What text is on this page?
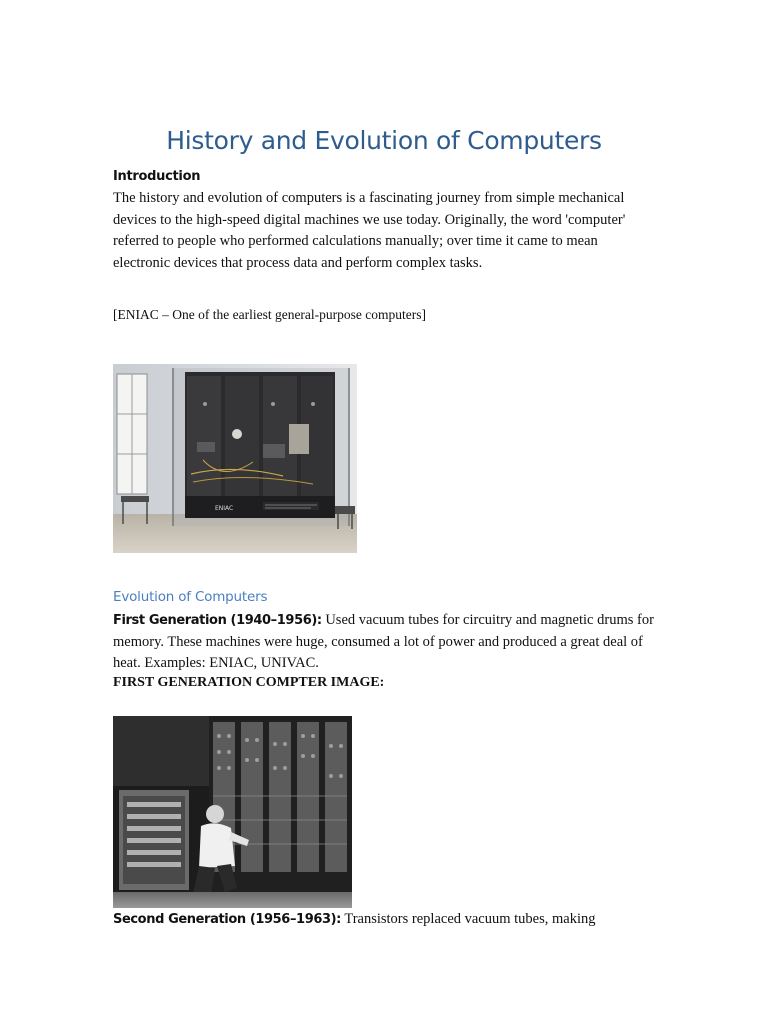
History and Evolution of Computers
Introduction
The history and evolution of computers is a fascinating journey from simple mechanical devices to the high-speed digital machines we use today. Originally, the word 'computer' referred to people who performed calculations manually; over time it came to mean electronic devices that process data and perform complex tasks.
[ENIAC – One of the earliest general-purpose computers]
ENIAC
Evolution of Computers
First Generation (1940–1956): Used vacuum tubes for circuitry and magnetic drums for memory. These machines were huge, consumed a lot of power and produced a great deal of heat. Examples: ENIAC, UNIVAC.
FIRST GENERATION COMPTER IMAGE:
Second Generation (1956–1963): Transistors replaced vacuum tubes, making
